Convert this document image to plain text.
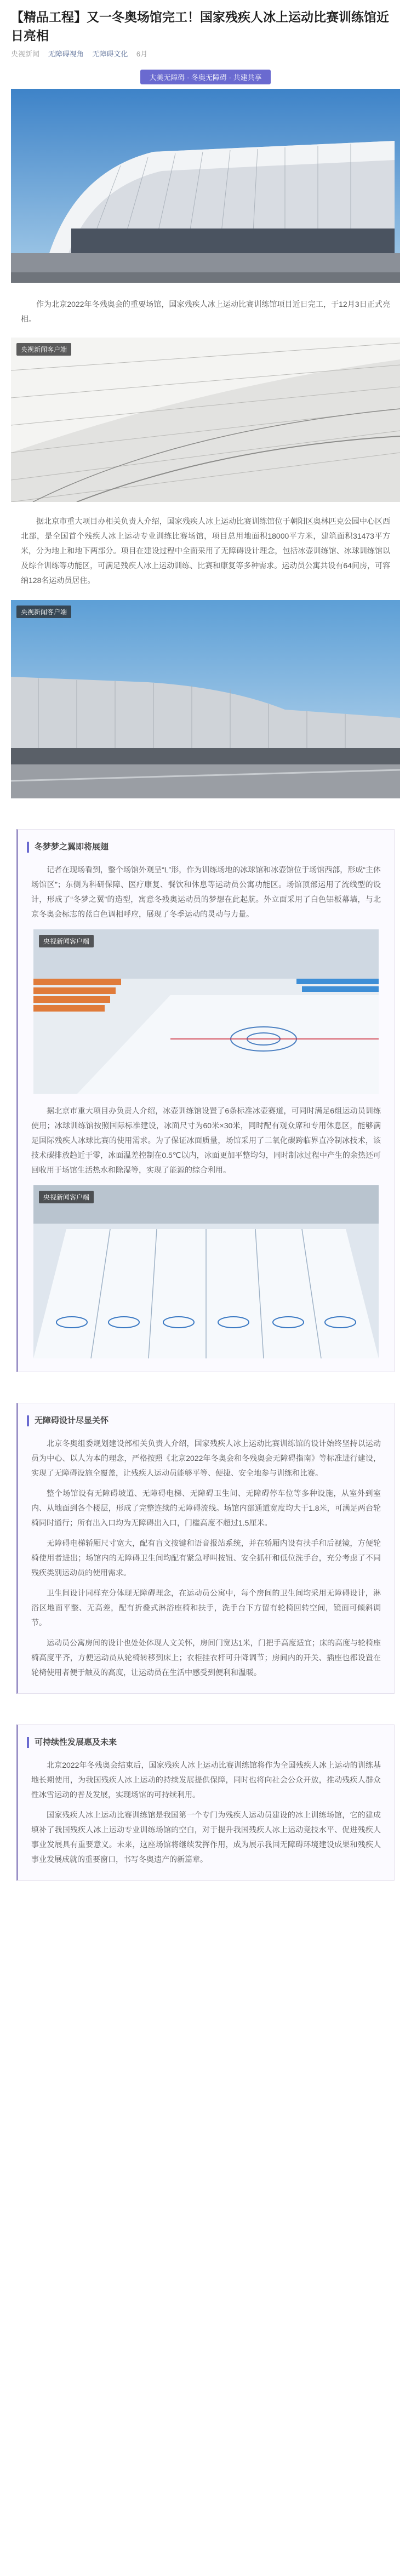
【精品工程】又一冬奥场馆完工！国家残疾人冰上运动比赛训练馆近日亮相
央视新闻 无障碍视角 无障碍文化 6月
大美无障碍 · 冬奥无障碍 · 共建共享

作为北京2022年冬残奥会的重要场馆，国家残疾人冰上运动比赛训练馆项目近日完工，于12月3日正式亮相。

央视新闻客户端

据北京市重大项目办相关负责人介绍，国家残疾人冰上运动比赛训练馆位于朝阳区奥林匹克公园中心区西北部，是全国首个残疾人冰上运动专业训练比赛场馆，项目总用地面积18000平方米，建筑面积31473平方米，分为地上和地下两部分。项目在建设过程中全面采用了无障碍设计理念，包括冰壶训练馆、冰球训练馆以及综合训练等功能区，可满足残疾人冰上运动训练、比赛和康复等多种需求。运动员公寓共设有64间房，可容纳128名运动员居住。

央视新闻客户端
冬梦梦之翼即将展翅

记者在现场看到，整个场馆外观呈“L”形，作为训练场地的冰球馆和冰壶馆位于场馆西部，形成“主体场馆区”；东侧为科研保障、医疗康复、餐饮和休息等运动员公寓功能区。场馆顶部运用了流线型的设计，形成了“冬梦之翼”的造型，寓意冬残奥运动员的梦想在此起航。外立面采用了白色铝板幕墙，与北京冬奥会标志的蓝白色调相呼应，展现了冬季运动的灵动与力量。

央视新闻客户端

据北京市重大项目办负责人介绍，冰壶训练馆设置了6条标准冰壶赛道，可同时满足6组运动员训练使用；冰球训练馆按照国际标准建设，冰面尺寸为60米×30米，同时配有观众席和专用休息区，能够满足国际残疾人冰球比赛的使用需求。为了保证冰面质量，场馆采用了二氧化碳跨临界直冷制冰技术，该技术碳排放趋近于零，冰面温差控制在0.5℃以内，冰面更加平整均匀，同时制冰过程中产生的余热还可回收用于场馆生活热水和除湿等，实现了能源的综合利用。

央视新闻客户端
无障碍设计尽显关怀

北京冬奥组委规划建设部相关负责人介绍，国家残疾人冰上运动比赛训练馆的设计始终坚持以运动员为中心、以人为本的理念，严格按照《北京2022年冬奥会和冬残奥会无障碍指南》等标准进行建设，实现了无障碍设施全覆盖，让残疾人运动员能够平等、便捷、安全地参与训练和比赛。

整个场馆设有无障碍坡道、无障碍电梯、无障碍卫生间、无障碍停车位等多种设施，从室外到室内、从地面到各个楼层，形成了完整连续的无障碍流线。场馆内部通道宽度均大于1.8米，可满足两台轮椅同时通行；所有出入口均为无障碍出入口，门槛高度不超过1.5厘米。

无障碍电梯轿厢尺寸宽大，配有盲文按键和语音报站系统，并在轿厢内设有扶手和后视镜，方便轮椅使用者进出；场馆内的无障碍卫生间均配有紧急呼叫按钮、安全抓杆和低位洗手台，充分考虑了不同残疾类别运动员的使用需求。

卫生间设计同样充分体现无障碍理念，在运动员公寓中，每个房间的卫生间均采用无障碍设计，淋浴区地面平整、无高差，配有折叠式淋浴座椅和扶手，洗手台下方留有轮椅回转空间，镜面可倾斜调节。

运动员公寓房间的设计也处处体现人文关怀，房间门宽达1米，门把手高度适宜；床的高度与轮椅座椅高度平齐，方便运动员从轮椅转移到床上；衣柜挂衣杆可升降调节；房间内的开关、插座也都设置在轮椅使用者便于触及的高度，让运动员在生活中感受到便利和温暖。

可持续性发展惠及未来

北京2022年冬残奥会结束后，国家残疾人冰上运动比赛训练馆将作为全国残疾人冰上运动的训练基地长期使用，为我国残疾人冰上运动的持续发展提供保障，同时也将向社会公众开放，推动残疾人群众性冰雪运动的普及发展，实现场馆的可持续利用。

国家残疾人冰上运动比赛训练馆是我国第一个专门为残疾人运动员建设的冰上训练场馆，它的建成填补了我国残疾人冰上运动专业训练场馆的空白，对于提升我国残疾人冰上运动竞技水平、促进残疾人事业发展具有重要意义。未来，这座场馆将继续发挥作用，成为展示我国无障碍环境建设成果和残疾人事业发展成就的重要窗口，书写冬奥遗产的新篇章。
